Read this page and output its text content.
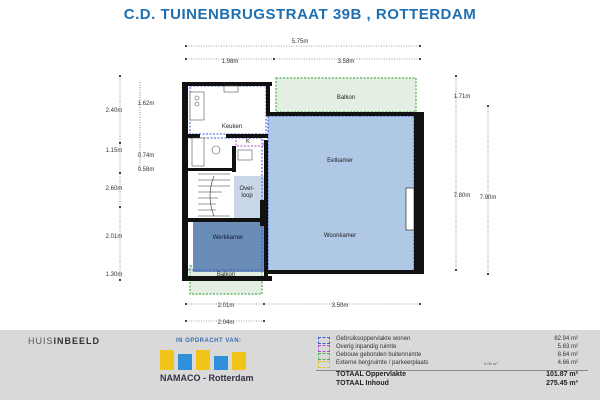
C.D. TUINENBRUGSTRAAT 39B , ROTTERDAM
5.75m
1.98m	3.58m
2.40m
1.62m
1.15m
0.74m
0.58m
2.60m
2.01m
1.30m
1.71m
7.80m 7.90m
2.01m	3.50m
2.04m
Balkon
Keuken
K
Eetkamer
Over-
loop
Werkkamer	Woonkamer
Balkon
HUISINBEELD	IN OPDRACHT VAN:
NAMACO - Rotterdam
Gebruiksoppervlakte wonen	82.94 m²
Overig inpandig ruimte	5.63 m²
Gebouw gebonden buitenruimte	8.64 m²
Externe bergruimte / parkeerplaats	4.66 m²
0.00 m²
TOTAAL Oppervlakte	101.87 m²
TOTAAL Inhoud	275.45 m³
